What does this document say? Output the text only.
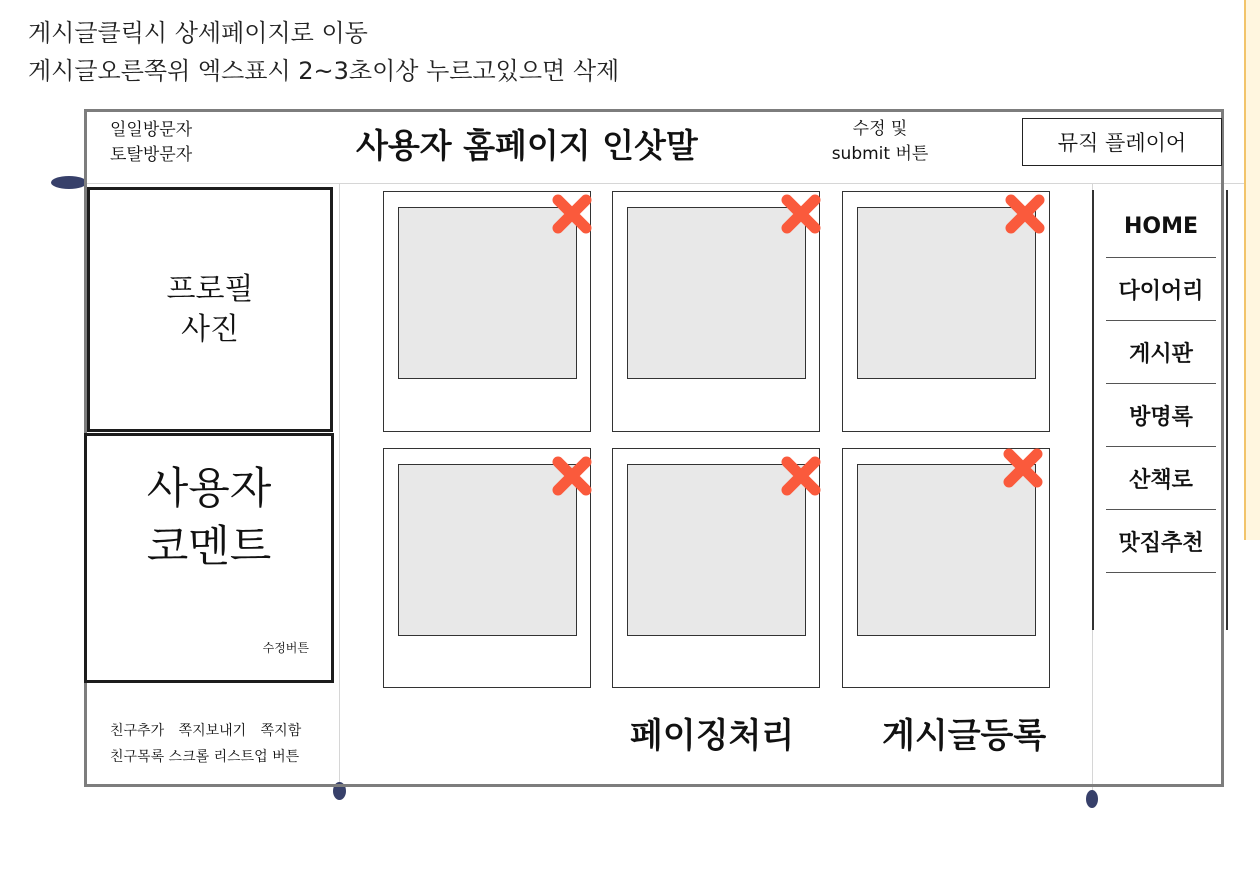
게시글클릭시 상세페이지로 이동
게시글오른쪽위 엑스표시 2~3초이상 누르고있으면 삭제
일일방문자
토탈방문자	사용자 홈페이지 인삿말	수정 및
submit 버튼	뮤직 플레이어
프로필
사진
사용자
코멘트
수정버튼
친구추가 쪽지보내기 쪽지함
친구목록 스크롤 리스트업 버튼
페이징처리	게시글등록
HOME
다이어리
게시판
방명록
산책로
맛집추천
